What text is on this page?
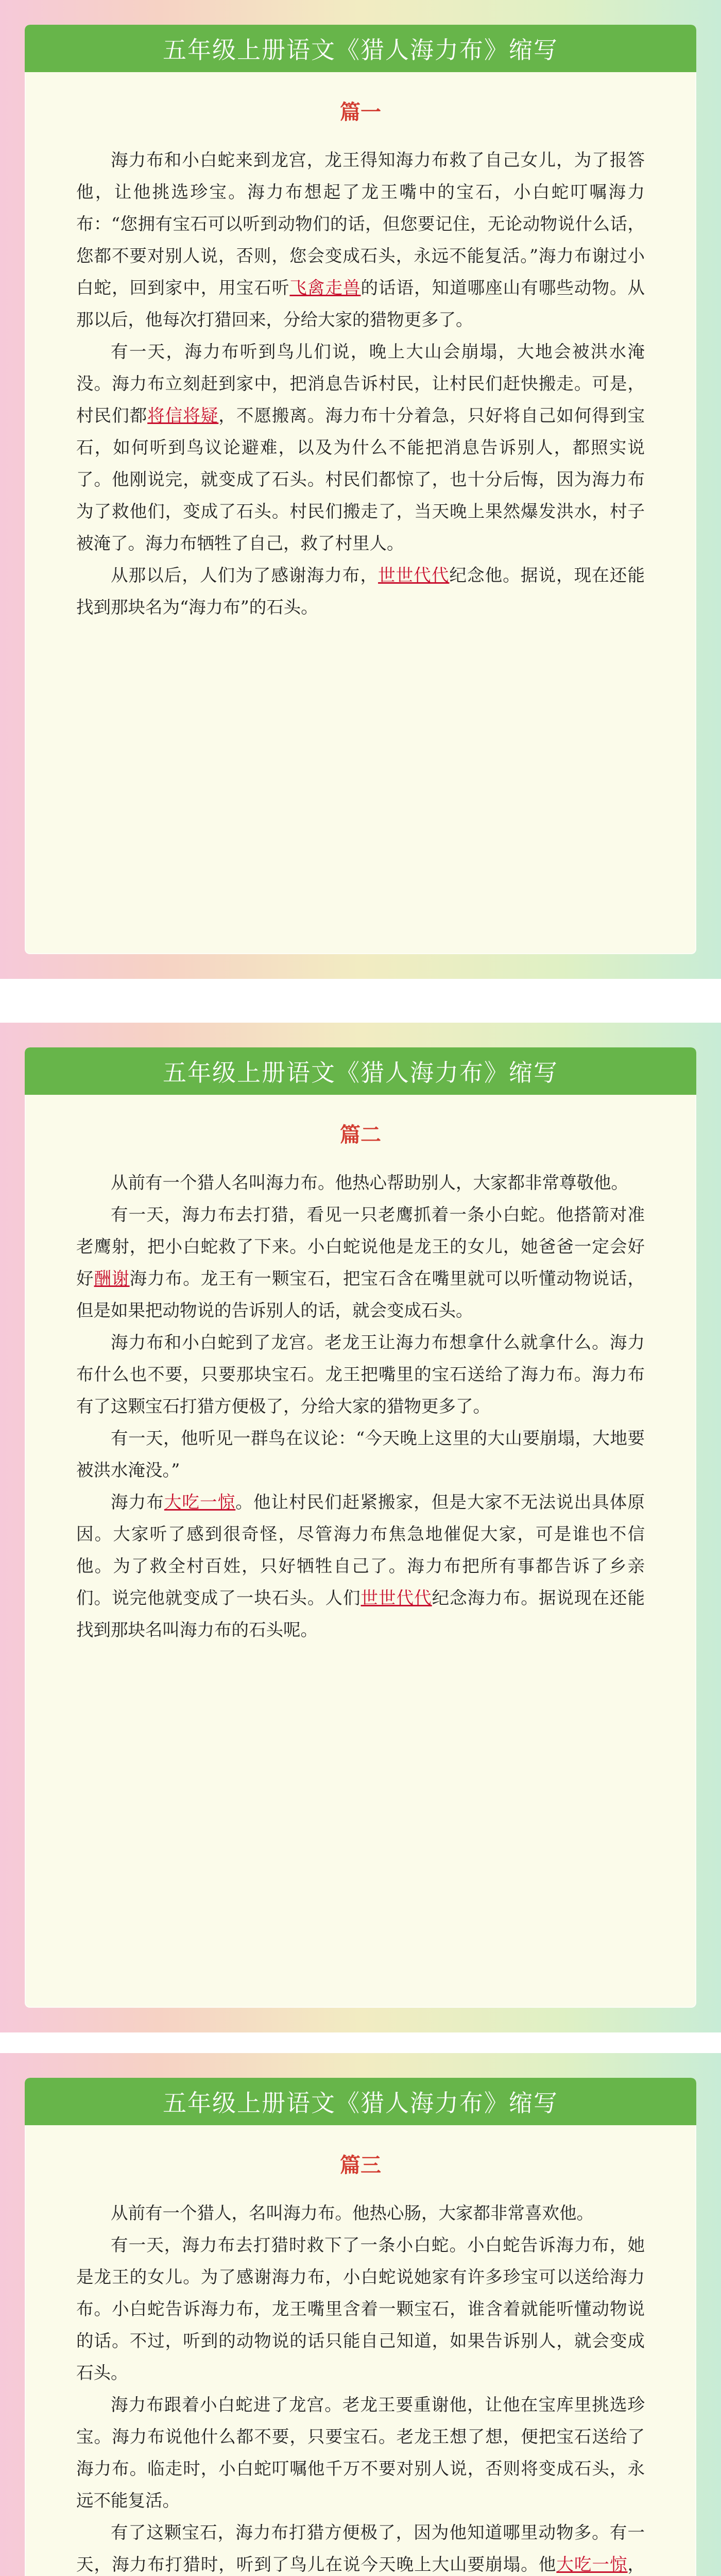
五年级上册语文《猎人海力布》缩写
篇一

海力布和小白蛇来到龙宫，龙王得知海力布救了自己女儿，为了报答他，让他挑选珍宝。海力布想起了龙王嘴中的宝石，小白蛇叮嘱海力布：“您拥有宝石可以听到动物们的话，但您要记住，无论动物说什么话，您都不要对别人说，否则，您会变成石头，永远不能复活。”海力布谢过小白蛇，回到家中，用宝石听飞禽走兽的话语，知道哪座山有哪些动物。从那以后，他每次打猎回来，分给大家的猎物更多了。

有一天，海力布听到鸟儿们说，晚上大山会崩塌，大地会被洪水淹没。海力布立刻赶到家中，把消息告诉村民，让村民们赶快搬走。可是，村民们都将信将疑，不愿搬离。海力布十分着急，只好将自己如何得到宝石，如何听到鸟议论避难，以及为什么不能把消息告诉别人，都照实说了。他刚说完，就变成了石头。村民们都惊了，也十分后悔，因为海力布为了救他们，变成了石头。村民们搬走了，当天晚上果然爆发洪水，村子被淹了。海力布牺牲了自己，救了村里人。

从那以后，人们为了感谢海力布，世世代代纪念他。据说，现在还能找到那块名为“海力布”的石头。

五年级上册语文《猎人海力布》缩写
篇二

从前有一个猎人名叫海力布。他热心帮助别人，大家都非常尊敬他。

有一天，海力布去打猎，看见一只老鹰抓着一条小白蛇。他搭箭对准老鹰射，把小白蛇救了下来。小白蛇说他是龙王的女儿，她爸爸一定会好好酬谢海力布。龙王有一颗宝石，把宝石含在嘴里就可以听懂动物说话，但是如果把动物说的告诉别人的话，就会变成石头。

海力布和小白蛇到了龙宫。老龙王让海力布想拿什么就拿什么。海力布什么也不要，只要那块宝石。龙王把嘴里的宝石送给了海力布。海力布有了这颗宝石打猎方便极了，分给大家的猎物更多了。

有一天，他听见一群鸟在议论：“今天晚上这里的大山要崩塌，大地要被洪水淹没。”

海力布大吃一惊。他让村民们赶紧搬家，但是大家不无法说出具体原因。大家听了感到很奇怪，尽管海力布焦急地催促大家，可是谁也不信他。为了救全村百姓，只好牺牲自己了。海力布把所有事都告诉了乡亲们。说完他就变成了一块石头。人们世世代代纪念海力布。据说现在还能找到那块名叫海力布的石头呢。

五年级上册语文《猎人海力布》缩写
篇三

从前有一个猎人，名叫海力布。他热心肠，大家都非常喜欢他。

有一天，海力布去打猎时救下了一条小白蛇。小白蛇告诉海力布，她是龙王的女儿。为了感谢海力布，小白蛇说她家有许多珍宝可以送给海力布。小白蛇告诉海力布，龙王嘴里含着一颗宝石，谁含着就能听懂动物说的话。不过，听到的动物说的话只能自己知道，如果告诉别人，就会变成石头。

海力布跟着小白蛇进了龙宫。老龙王要重谢他，让他在宝库里挑选珍宝。海力布说他什么都不要，只要宝石。老龙王想了想，便把宝石送给了海力布。临走时，小白蛇叮嘱他千万不要对别人说，否则将变成石头，永远不能复活。

有了这颗宝石，海力布打猎方便极了，因为他知道哪里动物多。有一天，海力布打猎时，听到了鸟儿在说今天晚上大山要崩塌。他大吃一惊，
